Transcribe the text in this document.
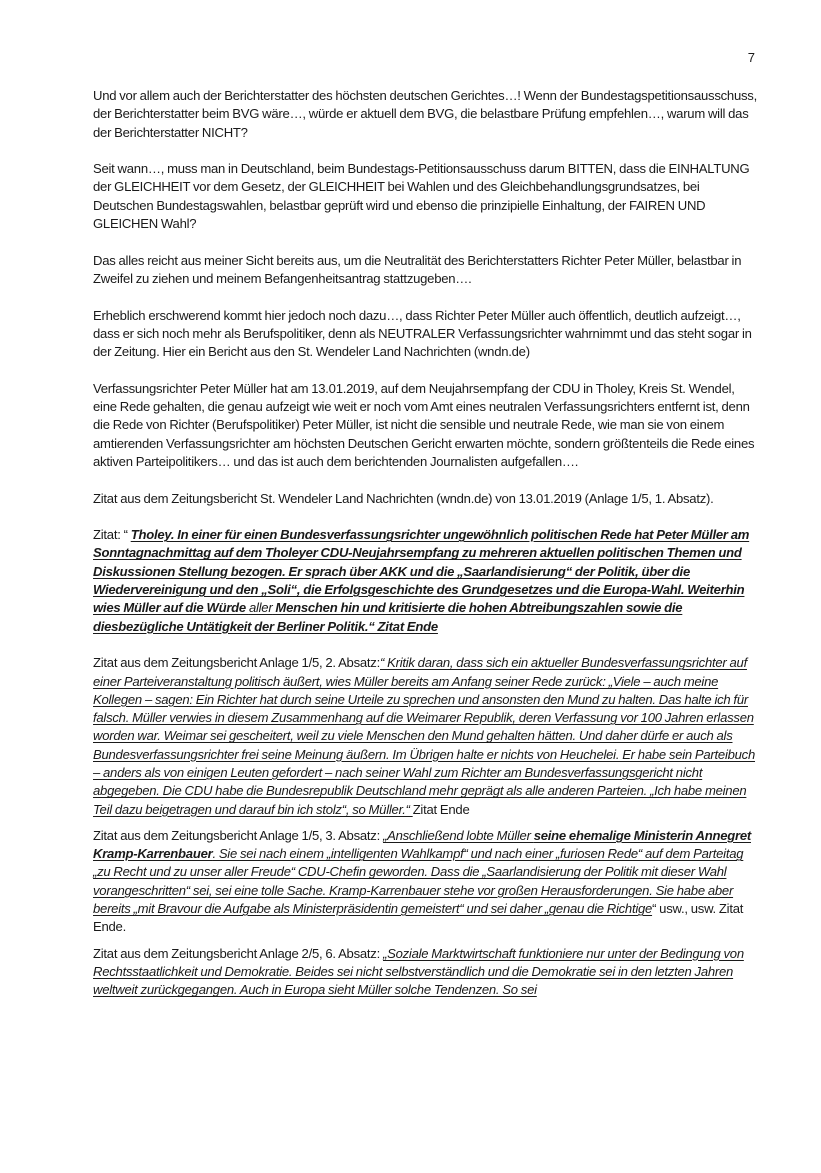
7

Und vor allem auch der Berichterstatter des höchsten deutschen Gerichtes…! Wenn der Bundestagspetitionsausschuss, der Berichterstatter beim BVG wäre…, würde er aktuell dem BVG, die belastbare Prüfung empfehlen…, warum will das der Berichterstatter NICHT?

Seit wann…, muss man in Deutschland, beim Bundestags-Petitionsausschuss darum BITTEN, dass die EINHALTUNG der GLEICHHEIT vor dem Gesetz, der GLEICHHEIT bei Wahlen und des Gleichbehandlungsgrundsatzes, bei Deutschen Bundestagswahlen, belastbar geprüft wird und ebenso die prinzipielle Einhaltung, der FAIREN UND GLEICHEN Wahl?

Das alles reicht aus meiner Sicht bereits aus, um die Neutralität des Berichterstatters Richter Peter Müller, belastbar in Zweifel zu ziehen und meinem Befangenheitsantrag stattzugeben….

Erheblich erschwerend kommt hier jedoch noch dazu…, dass Richter Peter Müller auch öffentlich, deutlich aufzeigt…, dass er sich noch mehr als Berufspolitiker, denn als NEUTRALER Verfassungsrichter wahrnimmt und das steht sogar in der Zeitung. Hier ein Bericht aus den St. Wendeler Land Nachrichten (wndn.de)

Verfassungsrichter Peter Müller hat am 13.01.2019, auf dem Neujahrsempfang der CDU in Tholey, Kreis St. Wendel, eine Rede gehalten, die genau aufzeigt wie weit er noch vom Amt eines neutralen Verfassungsrichters entfernt ist, denn die Rede von Richter (Berufspolitiker) Peter Müller, ist nicht die sensible und neutrale Rede, wie man sie von einem amtierenden Verfassungsrichter am höchsten Deutschen Gericht erwarten möchte, sondern größtenteils die Rede eines aktiven Parteipolitikers… und das ist auch dem berichtenden Journalisten aufgefallen….

Zitat aus dem Zeitungsbericht St. Wendeler Land Nachrichten (wndn.de) von 13.01.2019 (Anlage 1/5, 1. Absatz).

Zitat: “ Tholey. In einer für einen Bundesverfassungsrichter ungewöhnlich politischen Rede hat Peter Müller am Sonntagnachmittag auf dem Tholeyer CDU-Neujahrsempfang zu mehreren aktuellen politischen Themen und Diskussionen Stellung bezogen. Er sprach über AKK und die „Saarlandisierung“ der Politik, über die Wiedervereinigung und den „Soli“, die Erfolgsgeschichte des Grundgesetzes und die Europa-Wahl. Weiterhin wies Müller auf die Würde aller Menschen hin und kritisierte die hohen Abtreibungszahlen sowie die diesbezügliche Untätigkeit der Berliner Politik.“ Zitat Ende

Zitat aus dem Zeitungsbericht Anlage 1/5, 2. Absatz:“ Kritik daran, dass sich ein aktueller Bundesverfassungsrichter auf einer Parteiveranstaltung politisch äußert, wies Müller bereits am Anfang seiner Rede zurück: „Viele – auch meine Kollegen – sagen: Ein Richter hat durch seine Urteile zu sprechen und ansonsten den Mund zu halten. Das halte ich für falsch. Müller verwies in diesem Zusammenhang auf die Weimarer Republik, deren Verfassung vor 100 Jahren erlassen worden war. Weimar sei gescheitert, weil zu viele Menschen den Mund gehalten hätten. Und daher dürfe er auch als Bundesverfassungsrichter frei seine Meinung äußern. Im Übrigen halte er nichts von Heuchelei. Er habe sein Parteibuch – anders als von einigen Leuten gefordert – nach seiner Wahl zum Richter am Bundesverfassungsgericht nicht abgegeben. Die CDU habe die Bundesrepublik Deutschland mehr geprägt als alle anderen Parteien. „Ich habe meinen Teil dazu beigetragen und darauf bin ich stolz“, so Müller.“ Zitat Ende

Zitat aus dem Zeitungsbericht Anlage 1/5, 3. Absatz: „Anschließend lobte Müller seine ehemalige Ministerin Annegret Kramp-Karrenbauer. Sie sei nach einem „intelligenten Wahlkampf“ und nach einer „furiosen Rede“ auf dem Parteitag „zu Recht und zu unser aller Freude“ CDU-Chefin geworden. Dass die „Saarlandisierung der Politik mit dieser Wahl vorangeschritten“ sei, sei eine tolle Sache. Kramp-Karrenbauer stehe vor großen Herausforderungen. Sie habe aber bereits „mit Bravour die Aufgabe als Ministerpräsidentin gemeistert“ und sei daher „genau die Richtige“ usw., usw. Zitat Ende.

Zitat aus dem Zeitungsbericht Anlage 2/5, 6. Absatz: „Soziale Marktwirtschaft funktioniere nur unter der Bedingung von Rechtsstaatlichkeit und Demokratie. Beides sei nicht selbstverständlich und die Demokratie sei in den letzten Jahren weltweit zurückgegangen. Auch in Europa sieht Müller solche Tendenzen. So sei
